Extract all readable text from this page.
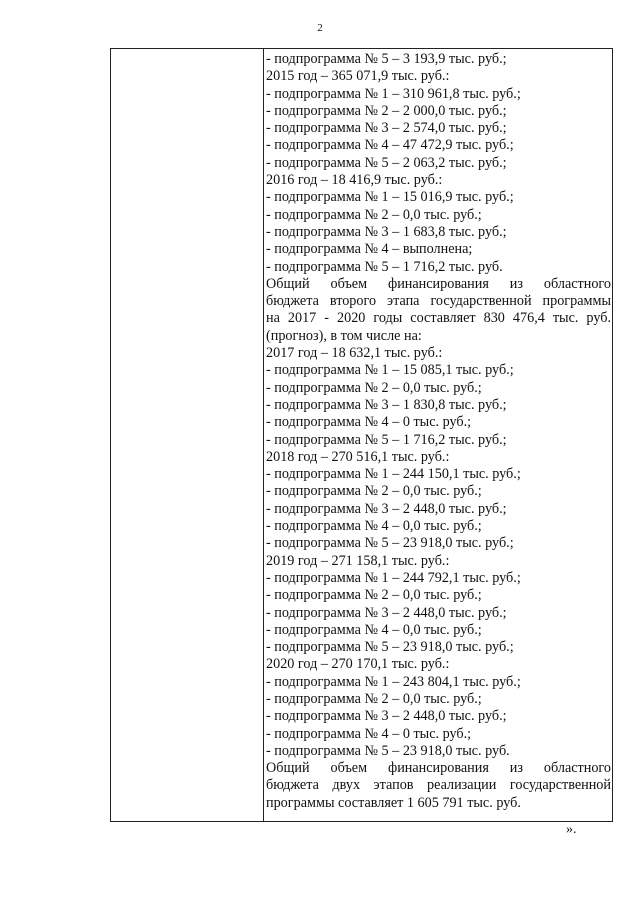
2
- подпрограмма № 5 – 3 193,9 тыс. руб.;
2015 год – 365 071,9 тыс. руб.:
- подпрограмма № 1 – 310 961,8 тыс. руб.;
- подпрограмма № 2 – 2 000,0 тыс. руб.;
- подпрограмма № 3 – 2 574,0 тыс. руб.;
- подпрограмма № 4 – 47 472,9 тыс. руб.;
- подпрограмма № 5 – 2 063,2 тыс. руб.;
2016 год – 18 416,9 тыс. руб.:
- подпрограмма № 1 – 15 016,9 тыс. руб.;
- подпрограмма № 2 – 0,0 тыс. руб.;
- подпрограмма № 3 – 1 683,8 тыс. руб.;
- подпрограмма № 4 – выполнена;
- подпрограмма № 5 – 1 716,2 тыс. руб.
Общий объем финансирования из областного
бюджета второго этапа государственной программы
на 2017 - 2020 годы составляет 830 476,4 тыс. руб.
(прогноз), в том числе на:
2017 год – 18 632,1 тыс. руб.:
- подпрограмма № 1 – 15 085,1 тыс. руб.;
- подпрограмма № 2 – 0,0 тыс. руб.;
- подпрограмма № 3 – 1 830,8 тыс. руб.;
- подпрограмма № 4 – 0 тыс. руб.;
- подпрограмма № 5 – 1 716,2 тыс. руб.;
2018 год – 270 516,1 тыс. руб.:
- подпрограмма № 1 – 244 150,1 тыс. руб.;
- подпрограмма № 2 – 0,0 тыс. руб.;
- подпрограмма № 3 – 2 448,0 тыс. руб.;
- подпрограмма № 4 – 0,0 тыс. руб.;
- подпрограмма № 5 – 23 918,0 тыс. руб.;
2019 год – 271 158,1 тыс. руб.:
- подпрограмма № 1 – 244 792,1 тыс. руб.;
- подпрограмма № 2 – 0,0 тыс. руб.;
- подпрограмма № 3 – 2 448,0 тыс. руб.;
- подпрограмма № 4 – 0,0 тыс. руб.;
- подпрограмма № 5 – 23 918,0 тыс. руб.;
2020 год – 270 170,1 тыс. руб.:
- подпрограмма № 1 – 243 804,1 тыс. руб.;
- подпрограмма № 2 – 0,0 тыс. руб.;
- подпрограмма № 3 – 2 448,0 тыс. руб.;
- подпрограмма № 4 – 0 тыс. руб.;
- подпрограмма № 5 – 23 918,0 тыс. руб.
Общий объем финансирования из областного
бюджета двух этапов реализации государственной
программы составляет 1 605 791 тыс. руб.
».
